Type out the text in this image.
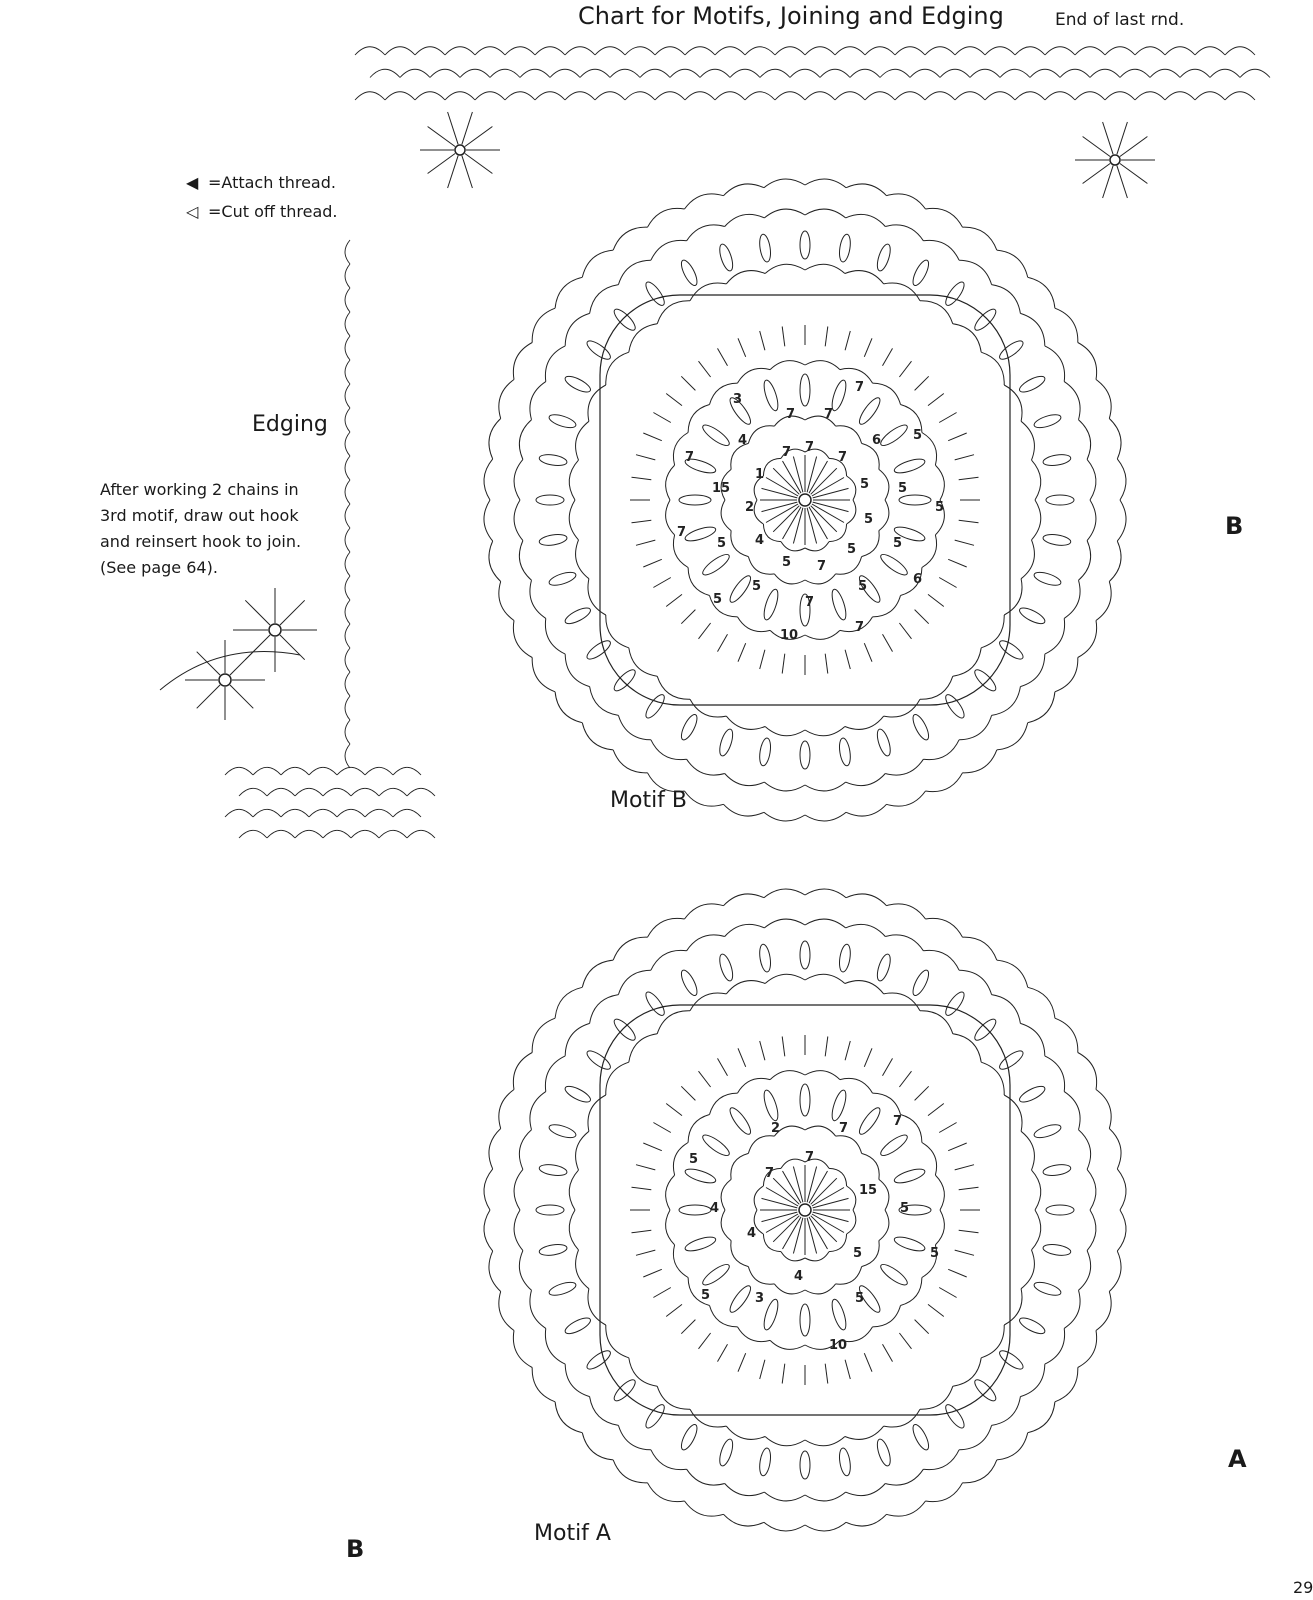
Chart for Motifs, Joining and Edging	End of last rnd.
◀ =Attach thread.
◁ =Cut off thread.
Edging
After working 2 chains in
3rd motif, draw out hook
and reinsert hook to join.
(See page 64).
B
A
B
Motif B
Motif A
29
7
7
7
7
6 5
5 5
5
5
5
6
5
5
7
7
7
10
5
5
5
4
5
7
2
15
7
1
4
3
7
7
7
7	7
15
5
5
5
5
10
4
3
5
4
4
5
7
2
